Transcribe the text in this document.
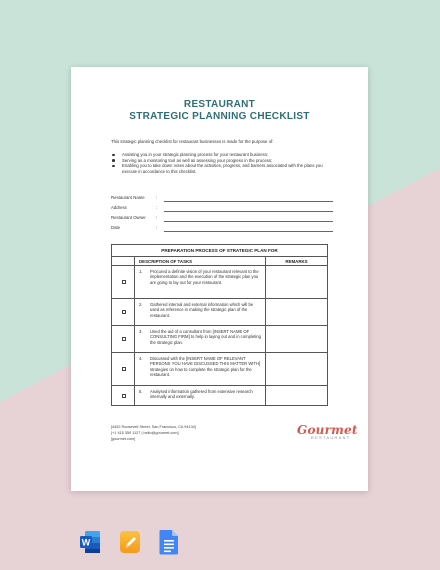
RESTAURANT
STRATEGIC PLANNING CHECKLIST
This strategic planning checklist for restaurant businesses is made for the purpose of:
Assisting you in your strategic planning process for your restaurant business;
Serving as a monitoring tool as well as assessing your progress in the process;
Enabling you to take down notes about the activities, progress, and barriers associated with the plans you execute in accordance to this checklist.
Restaurant Name	:
Address	:
Restaurant Owner :
Date	:
PREPARATION PROCESS OF STRATEGIC PLAN FOR
DESCRIPTION OF TASKS	REMARKS
1. Procured a definite vision of your restaurant relevant to the implementation and the execution of the strategic plan you are going to lay out for your restaurant.
2. Gathered internal and external information which will be used as reference in making the strategic plan of the restaurant.
3. Used the aid of a consultant from [INSERT NAME OF CONSULTING FIRM] to help in laying out and in completing the strategic plan.
4. Discussed with the [INSERT NAME OF RELEVANT PERSONS YOU HAVE DISCUSSED THIS MATTER WITH] strategies on how to complete the strategic plan for the restaurant.
5. Analysed information gathered from extensive research internally and externally.
[4452 Roosevelt Street, San Francisco, CA 94134]
[+1 415 359 1127 | hello@gourmet.com]
[gourmet.com]
Gourmet
RESTAURANT
W
